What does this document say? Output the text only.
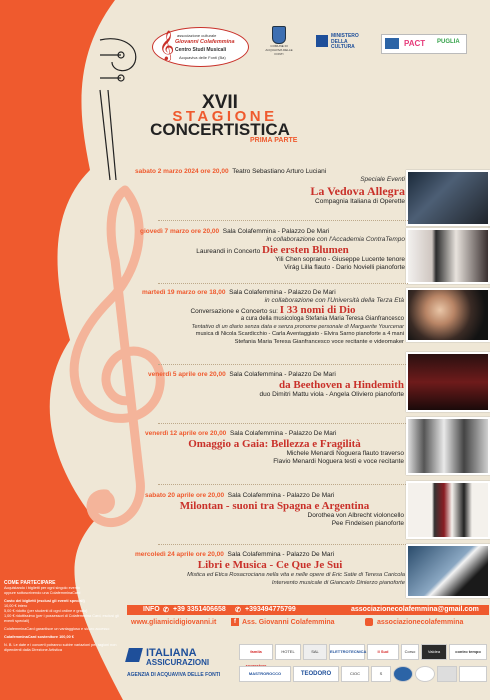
𝄞 associazione culturale
Giovanni Colafemmina
Centro Studi Musicali
Acquaviva delle Fonti (Ba)
COMUNE DI
ACQUAVIVA DELLE FONTI
MINISTERO
DELLA
CULTURA	PACT PUGLIA
XVII
STAGIONE
CONCERTISTICA
PRIMA PARTE
sabato 2 marzo 2024 ore 20,00 Teatro Sebastiano Arturo Luciani
Speciale Eventi
La Vedova Allegra
Compagnia Italiana di Operette
giovedì 7 marzo ore 20,00 Sala Colafemmina - Palazzo De Mari
in collaborazione con l'Accademia ContraTempo
Laureandi in Concerto Die ersten Blumen
Yili Chen soprano - Giuseppe Lucente tenore
Virág Lilla flauto - Dario Novielli pianoforte
martedì 19 marzo ore 18,00 Sala Colafemmina - Palazzo De Mari
in collaborazione con l'Università della Terza Età
Conversazione e Concerto su: I 33 nomi di Dio
a cura della musicologa Stefania Maria Teresa Gianfrancesco
Tentativo di un diario senza data e senza pronome personale di Marguerite Yourcenar
musica di Nicola Scardicchio - Carla Aventaggiato - Elvira Sarno pianoforte a 4 mani
Stefania Maria Teresa Gianfrancesco voce recitante e videomaker
venerdì 5 aprile ore 20,00 Sala Colafemmina - Palazzo De Mari
da Beethoven a Hindemith
duo Dimitri Mattu viola - Angela Oliviero pianoforte
venerdì 12 aprile ore 20,00 Sala Colafemmina - Palazzo De Mari
Omaggio a Gaia: Bellezza e Fragilità
Michele Menardi Noguera flauto traverso
Flavio Menardi Noguera testi e voce recitante
sabato 20 aprile ore 20,00 Sala Colafemmina - Palazzo De Mari
Milontan - suoni tra Spagna e Argentina
Dorothea von Albrecht violoncello
Pee Findeisen pianoforte
mercoledì 24 aprile ore 20,00 Sala Colafemmina - Palazzo De Mari
Libri e Musica - Ce Que Je Sui
Mistica ed Etica Rosacrociana nella vita e nelle opere di Eric Satie di Teresa Caricola
Intervento musicale di Giancarlo Dinierzo pianoforte
COME PARTECIPARE
Acquistando i biglietti per ogni singolo evento
oppure sottoscrivendo una ColafemminaCard
Costo dei biglietti (esclusi gli eventi speciali)
10,00 € intero
5,00 € ridotto (per studenti di ogni ordine e grado)
1,00 € ridottissimo (per i possessori di Colafemmina Card, esclusi gli eventi speciali)
ColafemminaCard garantisce un vantaggioso e sicuro accesso
ColafemminaCard sostenitore 100,00 €
N. B. Le date e i concerti potranno subire variazioni per ragioni non dipendenti dalla Direzione Artistica
INFO ✆ +39 3351406658 ✆ +393494775799	associazionecolafemmina@gmail.com
www.gliamicidigiovanni.it	f Ass. Giovanni Colafemmina	associazionecolafemmina
ITALIANA
ASSICURAZIONI
AGENZIA DI ACQUAVIVA DELLE FONTI
famila	HOTEL	SAL	ELETTROTECNICA	Il Sud	Corso	Valdea	contro tempo
MASTROROCCO	TEODORO	CIOC	S
